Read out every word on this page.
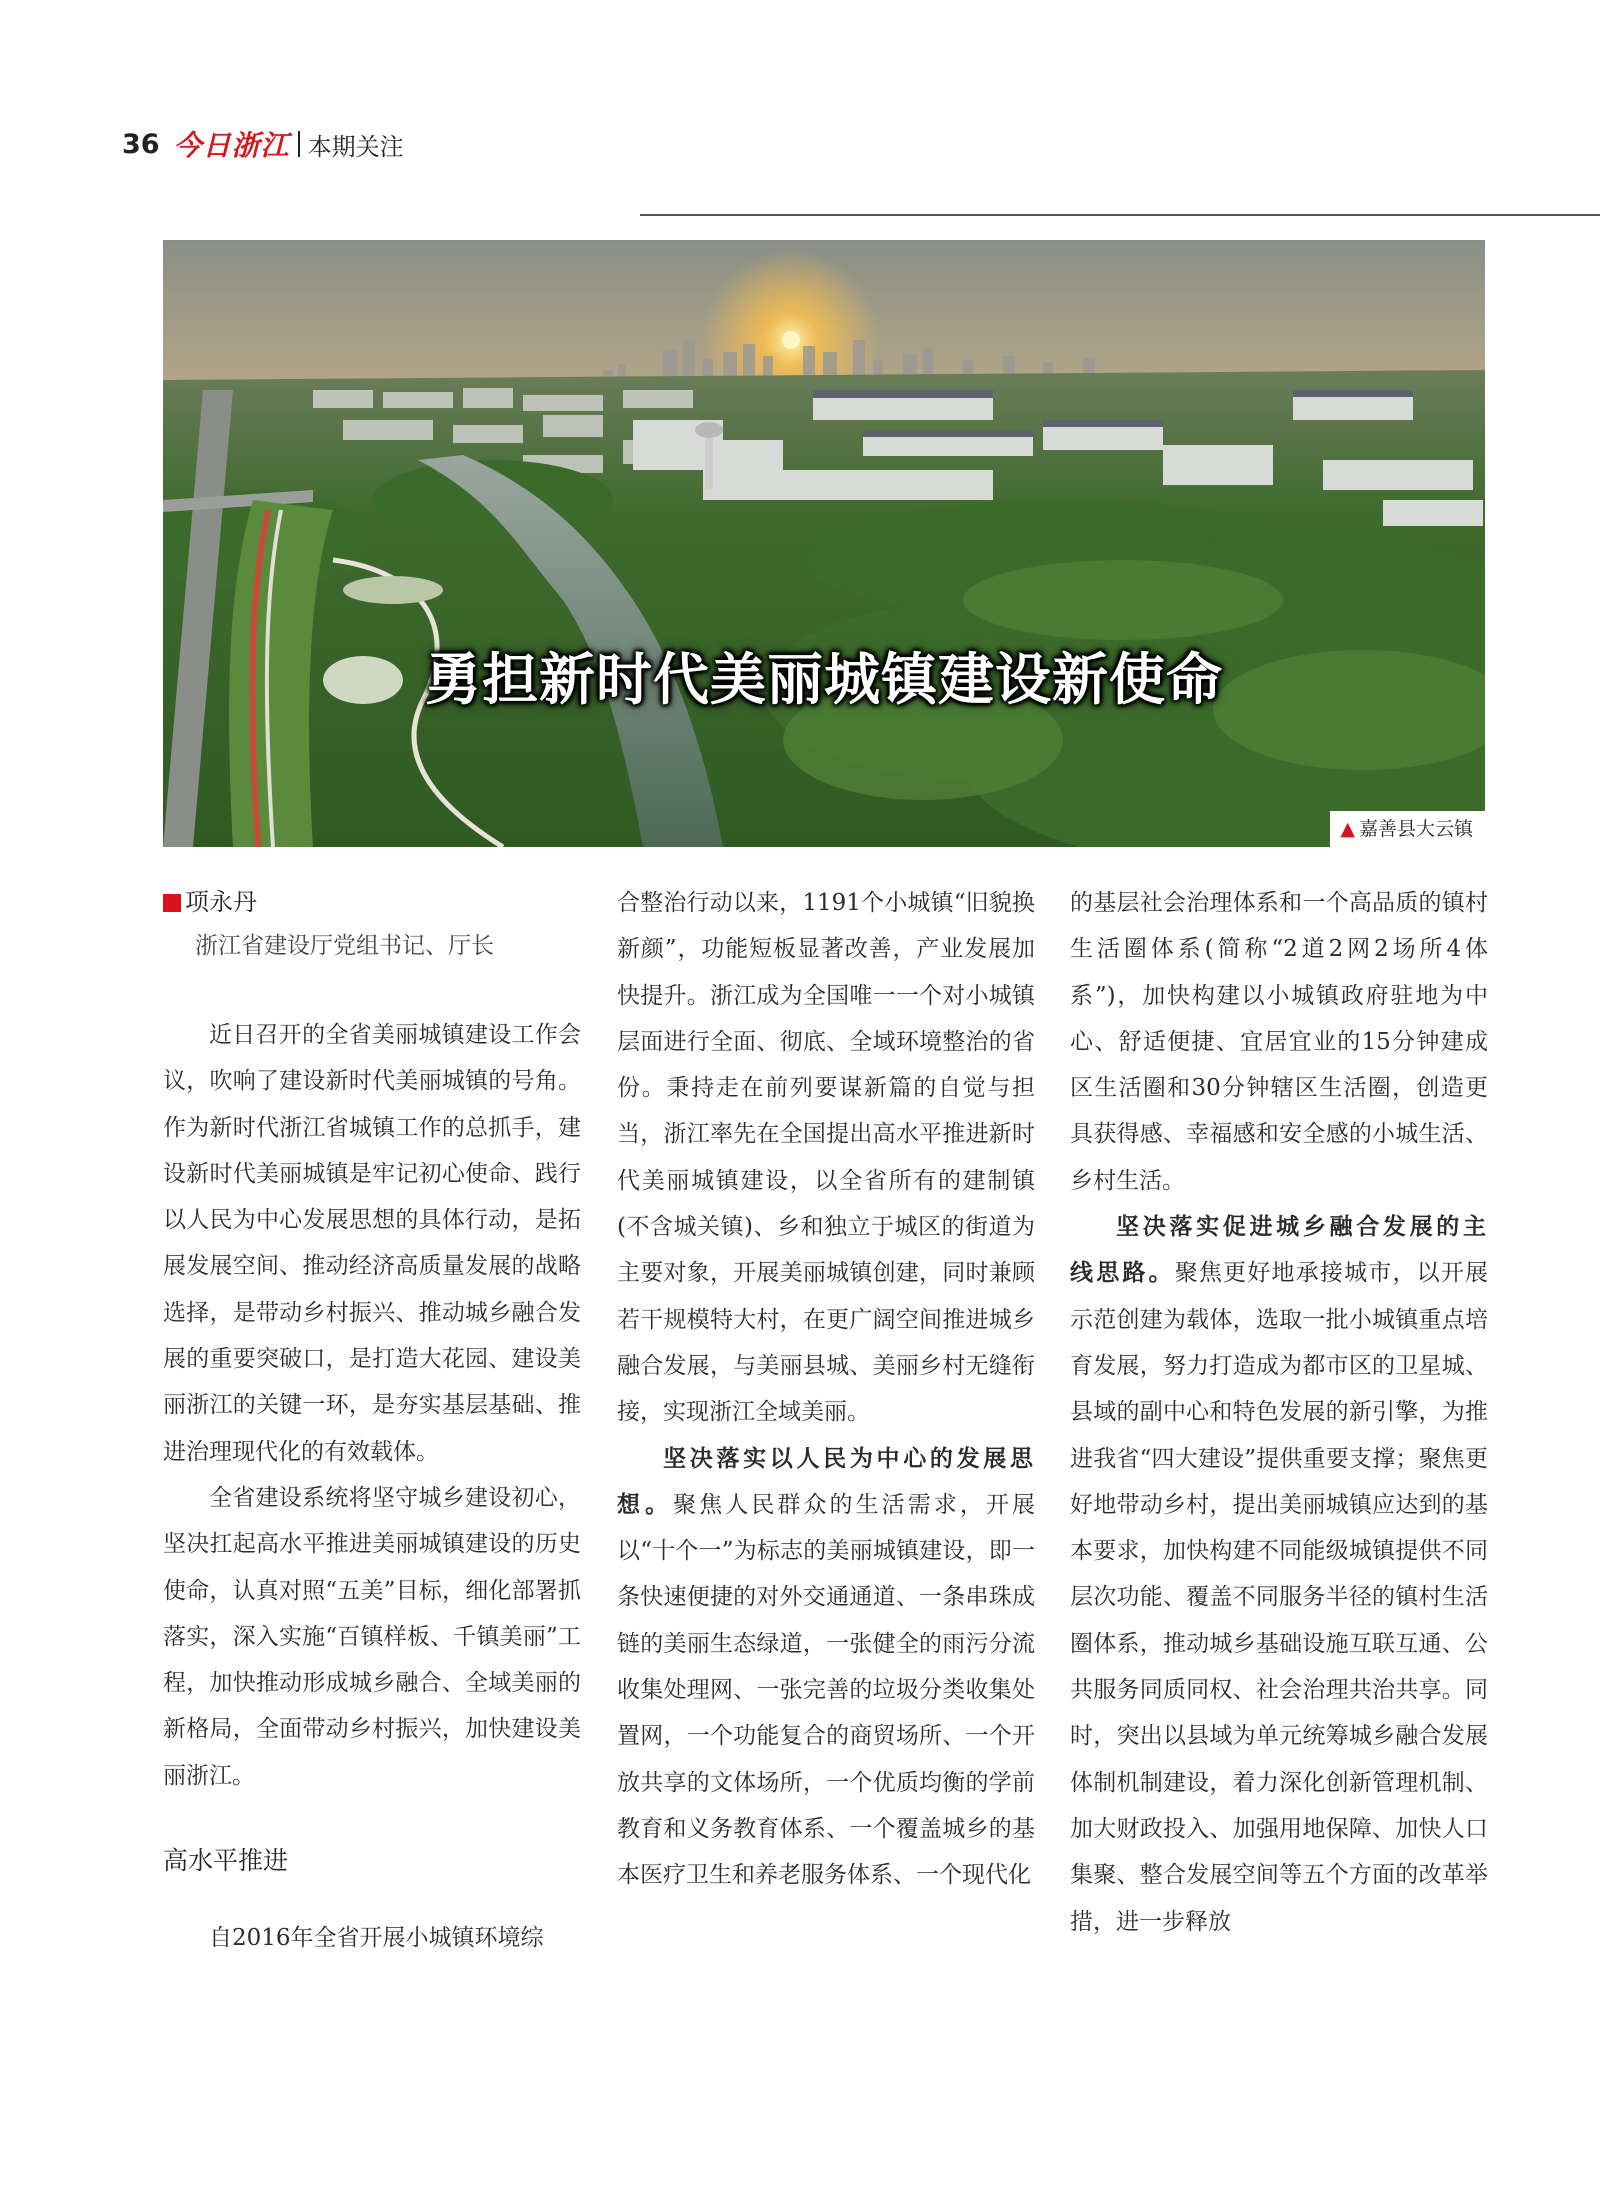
36 今日浙江 本期关注
勇担新时代美丽城镇建设新使命
▲ 嘉善县大云镇
项永丹
浙江省建设厅党组书记、厅长

近日召开的全省美丽城镇建设工作会议，吹响了建设新时代美丽城镇的号角。作为新时代浙江省城镇工作的总抓手，建设新时代美丽城镇是牢记初心使命、践行以人民为中心发展思想的具体行动，是拓展发展空间、推动经济高质量发展的战略选择，是带动乡村振兴、推动城乡融合发展的重要突破口，是打造大花园、建设美丽浙江的关键一环，是夯实基层基础、推进治理现代化的有效载体。

全省建设系统将坚守城乡建设初心，坚决扛起高水平推进美丽城镇建设的历史使命，认真对照“五美”目标，细化部署抓落实，深入实施“百镇样板、千镇美丽”工程，加快推动形成城乡融合、全域美丽的新格局，全面带动乡村振兴，加快建设美丽浙江。

高水平推进

自2016年全省开展小城镇环境综

合整治行动以来，1191个小城镇“旧貌换新颜”，功能短板显著改善，产业发展加快提升。浙江成为全国唯一一个对小城镇层面进行全面、彻底、全域环境整治的省份。秉持走在前列要谋新篇的自觉与担当，浙江率先在全国提出高水平推进新时代美丽城镇建设，以全省所有的建制镇(不含城关镇)、乡和独立于城区的街道为主要对象，开展美丽城镇创建，同时兼顾若干规模特大村，在更广阔空间推进城乡融合发展，与美丽县城、美丽乡村无缝衔接，实现浙江全域美丽。

坚决落实以人民为中心的发展思想。聚焦人民群众的生活需求，开展以“十个一”为标志的美丽城镇建设，即一条快速便捷的对外交通通道、一条串珠成链的美丽生态绿道，一张健全的雨污分流收集处理网、一张完善的垃圾分类收集处置网，一个功能复合的商贸场所、一个开放共享的文体场所，一个优质均衡的学前教育和义务教育体系、一个覆盖城乡的基本医疗卫生和养老服务体系、一个现代化

的基层社会治理体系和一个高品质的镇村生活圈体系(简称“2道2网2场所4体系”)，加快构建以小城镇政府驻地为中心、舒适便捷、宜居宜业的15分钟建成区生活圈和30分钟辖区生活圈，创造更具获得感、幸福感和安全感的小城生活、乡村生活。

坚决落实促进城乡融合发展的主线思路。聚焦更好地承接城市，以开展示范创建为载体，选取一批小城镇重点培育发展，努力打造成为都市区的卫星城、县域的副中心和特色发展的新引擎，为推进我省“四大建设”提供重要支撑；聚焦更好地带动乡村，提出美丽城镇应达到的基本要求，加快构建不同能级城镇提供不同层次功能、覆盖不同服务半径的镇村生活圈体系，推动城乡基础设施互联互通、公共服务同质同权、社会治理共治共享。同时，突出以县域为单元统筹城乡融合发展体制机制建设，着力深化创新管理机制、加大财政投入、加强用地保障、加快人口集聚、整合发展空间等五个方面的改革举措，进一步释放
